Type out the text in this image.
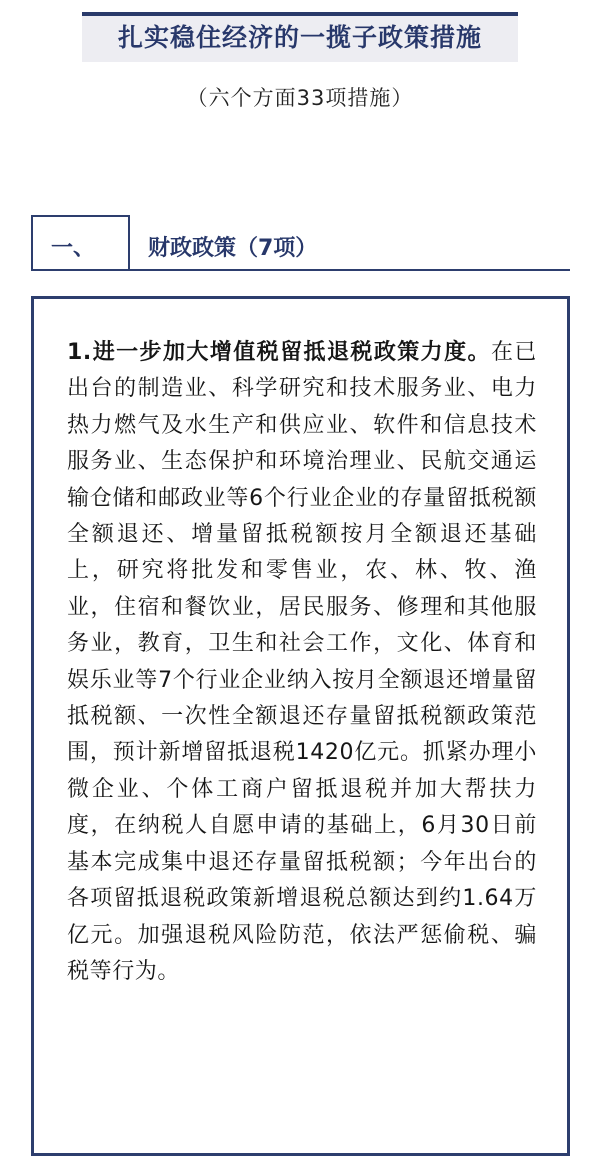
扎实稳住经济的一揽子政策措施
（六个方面33项措施）
一、 财政政策（7项）
1.进一步加大增值税留抵退税政策力度。在已出台的制造业、科学研究和技术服务业、电力热力燃气及水生产和供应业、软件和信息技术服务业、生态保护和环境治理业、民航交通运输仓储和邮政业等6个行业企业的存量留抵税额全额退还、增量留抵税额按月全额退还基础上，研究将批发和零售业，农、林、牧、渔业，住宿和餐饮业，居民服务、修理和其他服务业，教育，卫生和社会工作，文化、体育和娱乐业等7个行业企业纳入按月全额退还增量留抵税额、一次性全额退还存量留抵税额政策范围，预计新增留抵退税1420亿元。抓紧办理小微企业、个体工商户留抵退税并加大帮扶力度，在纳税人自愿申请的基础上，6月30日前基本完成集中退还存量留抵税额；今年出台的各项留抵退税政策新增退税总额达到约1.64万亿元。加强退税风险防范，依法严惩偷税、骗税等行为。
